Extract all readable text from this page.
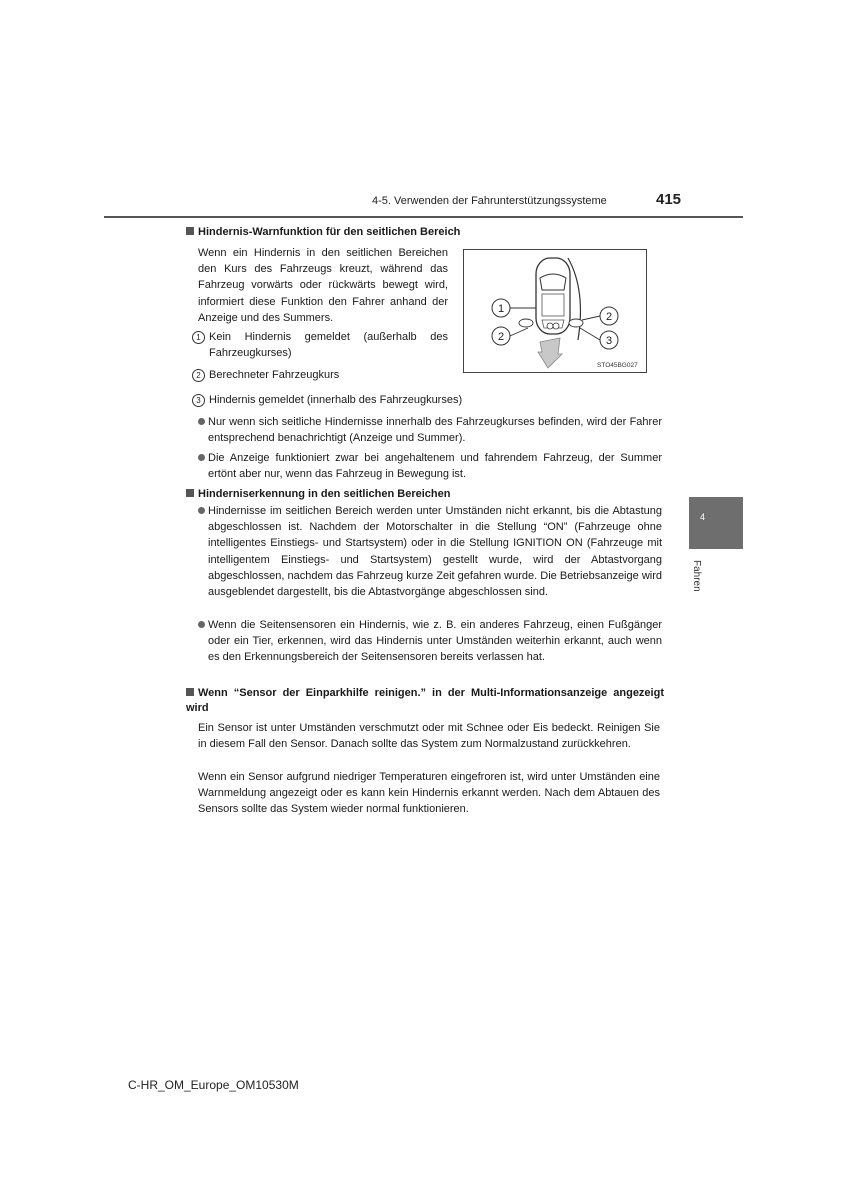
4-5. Verwenden der Fahrunterstützungssysteme	415
4
Fahren
Hindernis-Warnfunktion für den seitlichen Bereich
Wenn ein Hindernis in den seitlichen Bereichen den Kurs des Fahrzeugs kreuzt, während das Fahrzeug vorwärts oder rückwärts bewegt wird, informiert diese Funktion den Fahrer anhand der Anzeige und des Summers.
1 Kein Hindernis gemeldet (außerhalb des Fahrzeugkurses)
2 Berechneter Fahrzeugkurs
3 Hindernis gemeldet (innerhalb des Fahrzeugkurses)
1
2
2
3
STO45BG027
Nur wenn sich seitliche Hindernisse innerhalb des Fahrzeugkurses befinden, wird der Fahrer entsprechend benachrichtigt (Anzeige und Summer).
Die Anzeige funktioniert zwar bei angehaltenem und fahrendem Fahrzeug, der Summer ertönt aber nur, wenn das Fahrzeug in Bewegung ist.
Hinderniserkennung in den seitlichen Bereichen
Hindernisse im seitlichen Bereich werden unter Umständen nicht erkannt, bis die Abtastung abgeschlossen ist. Nachdem der Motorschalter in die Stellung “ON” (Fahrzeuge ohne intelligentes Einstiegs- und Startsystem) oder in die Stellung IGNITION ON (Fahrzeuge mit intelligentem Einstiegs- und Startsystem) gestellt wurde, wird der Abtastvorgang abgeschlossen, nachdem das Fahrzeug kurze Zeit gefahren wurde. Die Betriebsanzeige wird ausgeblendet dargestellt, bis die Abtastvorgänge abgeschlossen sind.
Wenn die Seitensensoren ein Hindernis, wie z. B. ein anderes Fahrzeug, einen Fußgänger oder ein Tier, erkennen, wird das Hindernis unter Umständen weiterhin erkannt, auch wenn es den Erkennungsbereich der Seitensensoren bereits verlassen hat.
Wenn “Sensor der Einparkhilfe reinigen.” in der Multi-Informationsanzeige angezeigt wird
Ein Sensor ist unter Umständen verschmutzt oder mit Schnee oder Eis bedeckt. Reinigen Sie in diesem Fall den Sensor. Danach sollte das System zum Normalzustand zurückkehren.
Wenn ein Sensor aufgrund niedriger Temperaturen eingefroren ist, wird unter Umständen eine Warnmeldung angezeigt oder es kann kein Hindernis erkannt werden. Nach dem Abtauen des Sensors sollte das System wieder normal funktionieren.
C-HR_OM_Europe_OM10530M
